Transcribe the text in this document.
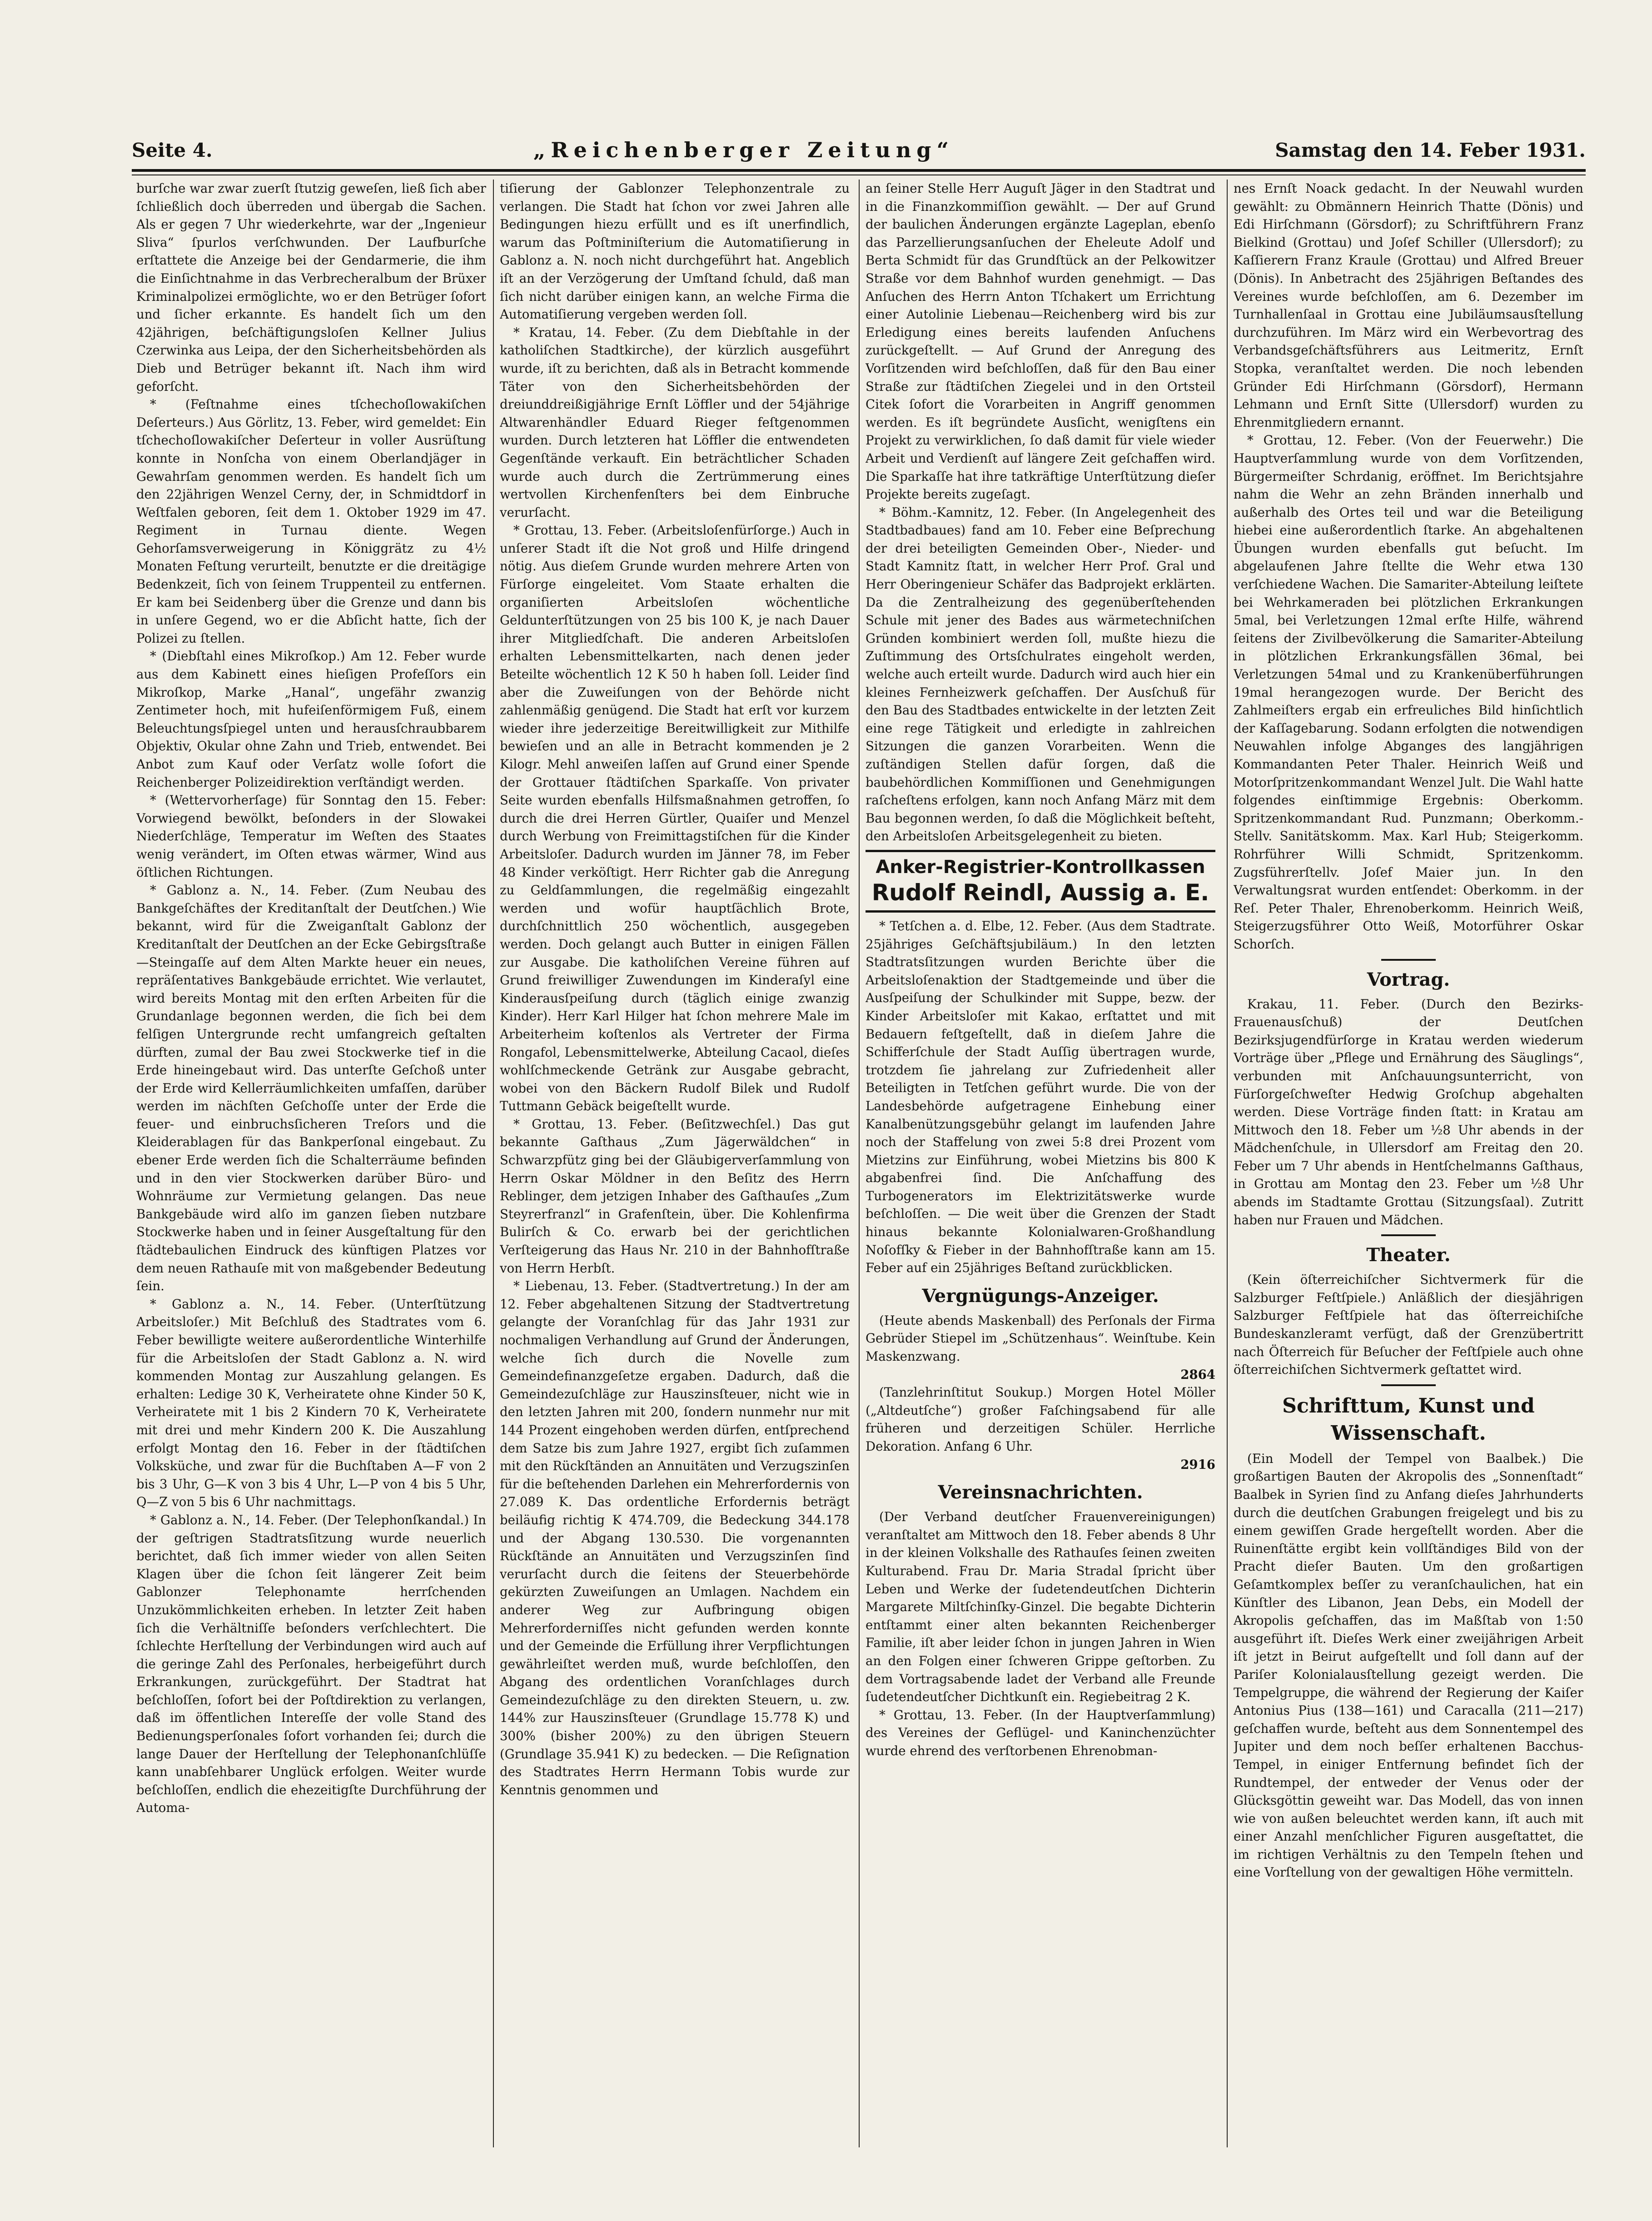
Seite 4.	„Reichenberger Zeitung“	Samstag den 14. Feber 1931.

burſche war zwar zuerſt ſtutzig geweſen, ließ ſich aber ſchließlich doch überreden und übergab die Sachen. Als er gegen 7 Uhr wiederkehrte, war der „Ingenieur Sliva“ ſpurlos verſchwunden. Der Laufburſche erſtattete die Anzeige bei der Gendarmerie, die ihm die Einſichtnahme in das Verbrecheralbum der Brüxer Kriminalpolizei ermöglichte, wo er den Betrüger ſofort und ſicher erkannte. Es handelt ſich um den 42jährigen, beſchäftigungsloſen Kellner Julius Czerwinka aus Leipa, der den Sicherheitsbehörden als Dieb und Betrüger bekannt iſt. Nach ihm wird geforſcht.

* (Feſtnahme eines tſchechoſlowakiſchen Deſerteurs.) Aus Görlitz, 13. Feber, wird gemeldet: Ein tſchechoſlowakiſcher Deſerteur in voller Ausrüſtung konnte in Nonſcha von einem Oberlandjäger in Gewahrſam genommen werden. Es handelt ſich um den 22jährigen Wenzel Cerny, der, in Schmidtdorf in Weſtfalen geboren, ſeit dem 1. Oktober 1929 im 47. Regiment in Turnau diente. Wegen Gehorſamsverweigerung in Königgrätz zu 4½ Monaten Feſtung verurteilt, benutzte er die dreitägige Bedenkzeit, ſich von ſeinem Truppenteil zu entfernen. Er kam bei Seidenberg über die Grenze und dann bis in unſere Gegend, wo er die Abſicht hatte, ſich der Polizei zu ſtellen.

* (Diebſtahl eines Mikroſkop.) Am 12. Feber wurde aus dem Kabinett eines hieſigen Profeſſors ein Mikroſkop, Marke „Hanal“, ungefähr zwanzig Zentimeter hoch, mit hufeiſenförmigem Fuß, einem Beleuchtungsſpiegel unten und herausſchraubbarem Objektiv, Okular ohne Zahn und Trieb, entwendet. Bei Anbot zum Kauf oder Verſatz wolle ſofort die Reichenberger Polizeidirektion verſtändigt werden.

* (Wettervorherſage) für Sonntag den 15. Feber: Vorwiegend bewölkt, beſonders in der Slowakei Niederſchläge, Temperatur im Weſten des Staates wenig verändert, im Oſten etwas wärmer, Wind aus öſtlichen Richtungen.

* Gablonz a. N., 14. Feber. (Zum Neubau des Bankgeſchäftes der Kreditanſtalt der Deutſchen.) Wie bekannt, wird für die Zweiganſtalt Gablonz der Kreditanſtalt der Deutſchen an der Ecke Gebirgsſtraße—Steingaſſe auf dem Alten Markte heuer ein neues, repräſentatives Bankgebäude errichtet. Wie verlautet, wird bereits Montag mit den erſten Arbeiten für die Grundanlage begonnen werden, die ſich bei dem felſigen Untergrunde recht umfangreich geſtalten dürften, zumal der Bau zwei Stockwerke tief in die Erde hineingebaut wird. Das unterſte Geſchoß unter der Erde wird Kellerräumlichkeiten umfaſſen, darüber werden im nächſten Geſchoſſe unter der Erde die feuer- und einbruchsſicheren Treſors und die Kleiderablagen für das Bankperſonal eingebaut. Zu ebener Erde werden ſich die Schalterräume befinden und in den vier Stockwerken darüber Büro- und Wohnräume zur Vermietung gelangen. Das neue Bankgebäude wird alſo im ganzen ſieben nutzbare Stockwerke haben und in ſeiner Ausgeſtaltung für den ſtädtebaulichen Eindruck des künftigen Platzes vor dem neuen Rathauſe mit von maßgebender Bedeutung ſein.

* Gablonz a. N., 14. Feber. (Unterſtützung Arbeitsloſer.) Mit Beſchluß des Stadtrates vom 6. Feber bewilligte weitere außerordentliche Winterhilfe für die Arbeitsloſen der Stadt Gablonz a. N. wird kommenden Montag zur Auszahlung gelangen. Es erhalten: Ledige 30 K, Verheiratete ohne Kinder 50 K, Verheiratete mit 1 bis 2 Kindern 70 K, Verheiratete mit drei und mehr Kindern 200 K. Die Auszahlung erfolgt Montag den 16. Feber in der ſtädtiſchen Volksküche, und zwar für die Buchſtaben A—F von 2 bis 3 Uhr, G—K von 3 bis 4 Uhr, L—P von 4 bis 5 Uhr, Q—Z von 5 bis 6 Uhr nachmittags.

* Gablonz a. N., 14. Feber. (Der Telephonſkandal.) In der geſtrigen Stadtratsſitzung wurde neuerlich berichtet, daß ſich immer wieder von allen Seiten Klagen über die ſchon ſeit längerer Zeit beim Gablonzer Telephonamte herrſchenden Unzukömmlichkeiten erheben. In letzter Zeit haben ſich die Verhältniſſe beſonders verſchlechtert. Die ſchlechte Herſtellung der Verbindungen wird auch auf die geringe Zahl des Perſonales, herbeigeführt durch Erkrankungen, zurückgeführt. Der Stadtrat hat beſchloſſen, ſofort bei der Poſtdirektion zu verlangen, daß im öffentlichen Intereſſe der volle Stand des Bedienungsperſonales ſofort vorhanden ſei; durch die lange Dauer der Herſtellung der Telephonanſchlüſſe kann unabſehbarer Unglück erfolgen. Weiter wurde beſchloſſen, endlich die ehezeitigſte Durchführung der Automa-

tiſierung der Gablonzer Telephonzentrale zu verlangen. Die Stadt hat ſchon vor zwei Jahren alle Bedingungen hiezu erfüllt und es iſt unerfindlich, warum das Poſtminiſterium die Automatiſierung in Gablonz a. N. noch nicht durchgeführt hat. Angeblich iſt an der Verzögerung der Umſtand ſchuld, daß man ſich nicht darüber einigen kann, an welche Firma die Automatiſierung vergeben werden ſoll.

* Kratau, 14. Feber. (Zu dem Diebſtahle in der katholiſchen Stadtkirche), der kürzlich ausgeführt wurde, iſt zu berichten, daß als in Betracht kommende Täter von den Sicherheitsbehörden der dreiunddreißigjährige Ernſt Löffler und der 54jährige Altwarenhändler Eduard Rieger feſtgenommen wurden. Durch letzteren hat Löffler die entwendeten Gegenſtände verkauft. Ein beträchtlicher Schaden wurde auch durch die Zertrümmerung eines wertvollen Kirchenfenſters bei dem Einbruche verurſacht.

* Grottau, 13. Feber. (Arbeitsloſenfürſorge.) Auch in unſerer Stadt iſt die Not groß und Hilfe dringend nötig. Aus dieſem Grunde wurden mehrere Arten von Fürſorge eingeleitet. Vom Staate erhalten die organiſierten Arbeitsloſen wöchentliche Geldunterſtützungen von 25 bis 100 K, je nach Dauer ihrer Mitgliedſchaft. Die anderen Arbeitsloſen erhalten Lebensmittelkarten, nach denen jeder Beteilte wöchentlich 12 K 50 h haben ſoll. Leider ſind aber die Zuweiſungen von der Behörde nicht zahlenmäßig genügend. Die Stadt hat erſt vor kurzem wieder ihre jederzeitige Bereitwilligkeit zur Mithilfe bewieſen und an alle in Betracht kommenden je 2 Kilogr. Mehl anweiſen laſſen auf Grund einer Spende der Grottauer ſtädtiſchen Sparkaſſe. Von privater Seite wurden ebenfalls Hilfsmaßnahmen getroffen, ſo durch die drei Herren Gürtler, Quaiſer und Menzel durch Werbung von Freimittagstiſchen für die Kinder Arbeitsloſer. Dadurch wurden im Jänner 78, im Feber 48 Kinder verköſtigt. Herr Richter gab die Anregung zu Geldſammlungen, die regelmäßig eingezahlt werden und wofür hauptſächlich Brote, durchſchnittlich 250 wöchentlich, ausgegeben werden. Doch gelangt auch Butter in einigen Fällen zur Ausgabe. Die katholiſchen Vereine führen auf Grund freiwilliger Zuwendungen im Kinderaſyl eine Kinderausſpeiſung durch (täglich einige zwanzig Kinder). Herr Karl Hilger hat ſchon mehrere Male im Arbeiterheim koſtenlos als Vertreter der Firma Rongafol, Lebensmittelwerke, Abteilung Cacaol, dieſes wohlſchmeckende Getränk zur Ausgabe gebracht, wobei von den Bäckern Rudolf Bilek und Rudolf Tuttmann Gebäck beigeſtellt wurde.

* Grottau, 13. Feber. (Beſitzwechſel.) Das gut bekannte Gaſthaus „Zum Jägerwäldchen“ in Schwarzpfütz ging bei der Gläubigerverſammlung von Herrn Oskar Möldner in den Beſitz des Herrn Reblinger, dem jetzigen Inhaber des Gaſthauſes „Zum Steyrerfranzl“ in Grafenſtein, über. Die Kohlenfirma Bulirſch & Co. erwarb bei der gerichtlichen Verſteigerung das Haus Nr. 210 in der Bahnhofſtraße von Herrn Herbſt.

* Liebenau, 13. Feber. (Stadtvertretung.) In der am 12. Feber abgehaltenen Sitzung der Stadtvertretung gelangte der Voranſchlag für das Jahr 1931 zur nochmaligen Verhandlung auf Grund der Änderungen, welche ſich durch die Novelle zum Gemeindefinanzgeſetze ergaben. Dadurch, daß die Gemeindezuſchläge zur Hauszinsſteuer, nicht wie in den letzten Jahren mit 200, ſondern nunmehr nur mit 144 Prozent eingehoben werden dürfen, entſprechend dem Satze bis zum Jahre 1927, ergibt ſich zuſammen mit den Rückſtänden an Annuitäten und Verzugszinſen für die beſtehenden Darlehen ein Mehrerfordernis von 27.089 K. Das ordentliche Erfordernis beträgt beiläufig richtig K 474.709, die Bedeckung 344.178 und der Abgang 130.530. Die vorgenannten Rückſtände an Annuitäten und Verzugszinſen ſind verurſacht durch die ſeitens der Steuerbehörde gekürzten Zuweiſungen an Umlagen. Nachdem ein anderer Weg zur Aufbringung obigen Mehrerforderniſſes nicht gefunden werden konnte und der Gemeinde die Erfüllung ihrer Verpflichtungen gewährleiſtet werden muß, wurde beſchloſſen, den Abgang des ordentlichen Voranſchlages durch Gemeindezuſchläge zu den direkten Steuern, u. zw. 144% zur Hauszinsſteuer (Grundlage 15.778 K) und 300% (bisher 200%) zu den übrigen Steuern (Grundlage 35.941 K) zu bedecken. — Die Reſignation des Stadtrates Herrn Hermann Tobis wurde zur Kenntnis genommen und

an ſeiner Stelle Herr Auguſt Jäger in den Stadtrat und in die Finanzkommiſſion gewählt. — Der auf Grund der baulichen Änderungen ergänzte Lageplan, ebenſo das Parzellierungsanſuchen der Eheleute Adolf und Berta Schmidt für das Grundſtück an der Pelkowitzer Straße vor dem Bahnhof wurden genehmigt. — Das Anſuchen des Herrn Anton Tſchakert um Errichtung einer Autolinie Liebenau—Reichenberg wird bis zur Erledigung eines bereits laufenden Anſuchens zurückgeſtellt. — Auf Grund der Anregung des Vorſitzenden wird beſchloſſen, daß für den Bau einer Straße zur ſtädtiſchen Ziegelei und in den Ortsteil Citek ſofort die Vorarbeiten in Angriff genommen werden. Es iſt begründete Ausſicht, wenigſtens ein Projekt zu verwirklichen, ſo daß damit für viele wieder Arbeit und Verdienſt auf längere Zeit geſchaffen wird. Die Sparkaſſe hat ihre tatkräftige Unterſtützung dieſer Projekte bereits zugeſagt.

* Böhm.-Kamnitz, 12. Feber. (In Angelegenheit des Stadtbadbaues) fand am 10. Feber eine Beſprechung der drei beteiligten Gemeinden Ober-, Nieder- und Stadt Kamnitz ſtatt, in welcher Herr Prof. Gral und Herr Oberingenieur Schäfer das Badprojekt erklärten. Da die Zentralheizung des gegenüberſtehenden Schule mit jener des Bades aus wärmetechniſchen Gründen kombiniert werden ſoll, mußte hiezu die Zuſtimmung des Ortsſchulrates eingeholt werden, welche auch erteilt wurde. Dadurch wird auch hier ein kleines Fernheizwerk geſchaffen. Der Ausſchuß für den Bau des Stadtbades entwickelte in der letzten Zeit eine rege Tätigkeit und erledigte in zahlreichen Sitzungen die ganzen Vorarbeiten. Wenn die zuſtändigen Stellen dafür ſorgen, daß die baubehördlichen Kommiſſionen und Genehmigungen raſcheſtens erfolgen, kann noch Anfang März mit dem Bau begonnen werden, ſo daß die Möglichkeit beſteht, den Arbeitsloſen Arbeitsgelegenheit zu bieten.

Anker-Registrier-Kontrollkassen
Rudolf Reindl, Aussig a. E.

* Tetſchen a. d. Elbe, 12. Feber. (Aus dem Stadtrate. 25jähriges Geſchäftsjubiläum.) In den letzten Stadtratsſitzungen wurden Berichte über die Arbeitsloſenaktion der Stadtgemeinde und über die Ausſpeiſung der Schulkinder mit Suppe, bezw. der Kinder Arbeitsloſer mit Kakao, erſtattet und mit Bedauern feſtgeſtellt, daß in dieſem Jahre die Schifferſchule der Stadt Auſſig übertragen wurde, trotzdem ſie jahrelang zur Zufriedenheit aller Beteiligten in Tetſchen geführt wurde. Die von der Landesbehörde aufgetragene Einhebung einer Kanalbenützungsgebühr gelangt im laufenden Jahre noch der Staffelung von zwei 5:8 drei Prozent vom Mietzins zur Einführung, wobei Mietzins bis 800 K abgabenfrei ſind. Die Anſchaffung des Turbogenerators im Elektrizitätswerke wurde beſchloſſen. — Die weit über die Grenzen der Stadt hinaus bekannte Kolonialwaren-Großhandlung Noſofſky & Fieber in der Bahnhofſtraße kann am 15. Feber auf ein 25jähriges Beſtand zurückblicken.

Vergnügungs-Anzeiger.

(Heute abends Maskenball) des Perſonals der Firma Gebrüder Stiepel im „Schützenhaus“. Weinſtube. Kein Maskenzwang.

2864

(Tanzlehrinſtitut Soukup.) Morgen Hotel Möller („Altdeutſche“) großer Faſchingsabend für alle früheren und derzeitigen Schüler. Herrliche Dekoration. Anfang 6 Uhr.

2916
Vereinsnachrichten.

(Der Verband deutſcher Frauenvereinigungen) veranſtaltet am Mittwoch den 18. Feber abends 8 Uhr in der kleinen Volkshalle des Rathauſes ſeinen zweiten Kulturabend. Frau Dr. Maria Stradal ſpricht über Leben und Werke der ſudetendeutſchen Dichterin Margarete Miltſchinſky-Ginzel. Die begabte Dichterin entſtammt einer alten bekannten Reichenberger Familie, iſt aber leider ſchon in jungen Jahren in Wien an den Folgen einer ſchweren Grippe geſtorben. Zu dem Vortragsabende ladet der Verband alle Freunde ſudetendeutſcher Dichtkunſt ein. Regiebeitrag 2 K.

* Grottau, 13. Feber. (In der Hauptverſammlung) des Vereines der Geflügel- und Kaninchenzüchter wurde ehrend des verſtorbenen Ehrenobman-

nes Ernſt Noack gedacht. In der Neuwahl wurden gewählt: zu Obmännern Heinrich Thatte (Dönis) und Edi Hirſchmann (Görsdorf); zu Schriftführern Franz Bielkind (Grottau) und Joſef Schiller (Ullersdorf); zu Kaſſierern Franz Kraule (Grottau) und Alfred Breuer (Dönis). In Anbetracht des 25jährigen Beſtandes des Vereines wurde beſchloſſen, am 6. Dezember im Turnhallenſaal in Grottau eine Jubiläumsausſtellung durchzuführen. Im März wird ein Werbevortrag des Verbandsgeſchäftsführers aus Leitmeritz, Ernſt Stopka, veranſtaltet werden. Die noch lebenden Gründer Edi Hirſchmann (Görsdorf), Hermann Lehmann und Ernſt Sitte (Ullersdorf) wurden zu Ehrenmitgliedern ernannt.

* Grottau, 12. Feber. (Von der Feuerwehr.) Die Hauptverſammlung wurde von dem Vorſitzenden, Bürgermeiſter Schrdanig, eröffnet. Im Berichtsjahre nahm die Wehr an zehn Bränden innerhalb und außerhalb des Ortes teil und war die Beteiligung hiebei eine außerordentlich ſtarke. An abgehaltenen Übungen wurden ebenfalls gut beſucht. Im abgelaufenen Jahre ſtellte die Wehr etwa 130 verſchiedene Wachen. Die Samariter-Abteilung leiſtete bei Wehrkameraden bei plötzlichen Erkrankungen 5mal, bei Verletzungen 12mal erſte Hilfe, während ſeitens der Zivilbevölkerung die Samariter-Abteilung in plötzlichen Erkrankungsfällen 36mal, bei Verletzungen 54mal und zu Krankenüberführungen 19mal herangezogen wurde. Der Bericht des Zahlmeiſters ergab ein erfreuliches Bild hinſichtlich der Kaſſagebarung. Sodann erfolgten die notwendigen Neuwahlen infolge Abganges des langjährigen Kommandanten Peter Thaler. Heinrich Weiß und Motorſpritzenkommandant Wenzel Jult. Die Wahl hatte folgendes einſtimmige Ergebnis: Oberkomm. Spritzenkommandant Rud. Punzmann; Oberkomm.-Stellv. Sanitätskomm. Max. Karl Hub; Steigerkomm. Rohrführer Willi Schmidt, Spritzenkomm. Zugsführerſtellv. Joſef Maier jun. In den Verwaltungsrat wurden entſendet: Oberkomm. in der Reſ. Peter Thaler, Ehrenoberkomm. Heinrich Weiß, Steigerzugsführer Otto Weiß, Motorführer Oskar Schorſch.

Vortrag.

Krakau, 11. Feber. (Durch den Bezirks-Frauenausſchuß) der Deutſchen Bezirksjugendfürſorge in Kratau werden wiederum Vorträge über „Pflege und Ernährung des Säuglings“, verbunden mit Anſchauungsunterricht, von Fürſorgeſchweſter Hedwig Groſchup abgehalten werden. Diese Vorträge finden ſtatt: in Kratau am Mittwoch den 18. Feber um ½8 Uhr abends in der Mädchenſchule, in Ullersdorf am Freitag den 20. Feber um 7 Uhr abends in Hentſchelmanns Gaſthaus, in Grottau am Montag den 23. Feber um ½8 Uhr abends im Stadtamte Grottau (Sitzungsſaal). Zutritt haben nur Frauen und Mädchen.

Theater.

(Kein öſterreichiſcher Sichtvermerk für die Salzburger Feſtſpiele.) Anläßlich der diesjährigen Salzburger Feſtſpiele hat das öſterreichiſche Bundeskanzleramt verfügt, daß der Grenzübertritt nach Öſterreich für Beſucher der Feſtſpiele auch ohne öſterreichiſchen Sichtvermerk geſtattet wird.

Schrifttum, Kunst und Wissenschaft.

(Ein Modell der Tempel von Baalbek.) Die großartigen Bauten der Akropolis des „Sonnenſtadt“ Baalbek in Syrien ſind zu Anfang dieſes Jahrhunderts durch die deutſchen Grabungen freigelegt und bis zu einem gewiſſen Grade hergeſtellt worden. Aber die Ruinenſtätte ergibt kein vollſtändiges Bild von der Pracht dieſer Bauten. Um den großartigen Geſamtkomplex beſſer zu veranſchaulichen, hat ein Künſtler des Libanon, Jean Debs, ein Modell der Akropolis geſchaffen, das im Maßſtab von 1:50 ausgeführt iſt. Dieſes Werk einer zweijährigen Arbeit iſt jetzt in Beirut aufgeſtellt und ſoll dann auf der Pariſer Kolonialausſtellung gezeigt werden. Die Tempelgruppe, die während der Regierung der Kaiſer Antonius Pius (138—161) und Caracalla (211—217) geſchaffen wurde, beſteht aus dem Sonnentempel des Jupiter und dem noch beſſer erhaltenen Bacchus-Tempel, in einiger Entfernung befindet ſich der Rundtempel, der entweder der Venus oder der Glücksgöttin geweiht war. Das Modell, das von innen wie von außen beleuchtet werden kann, iſt auch mit einer Anzahl menſchlicher Figuren ausgeſtattet, die im richtigen Verhältnis zu den Tempeln ſtehen und eine Vorſtellung von der gewaltigen Höhe vermitteln.
